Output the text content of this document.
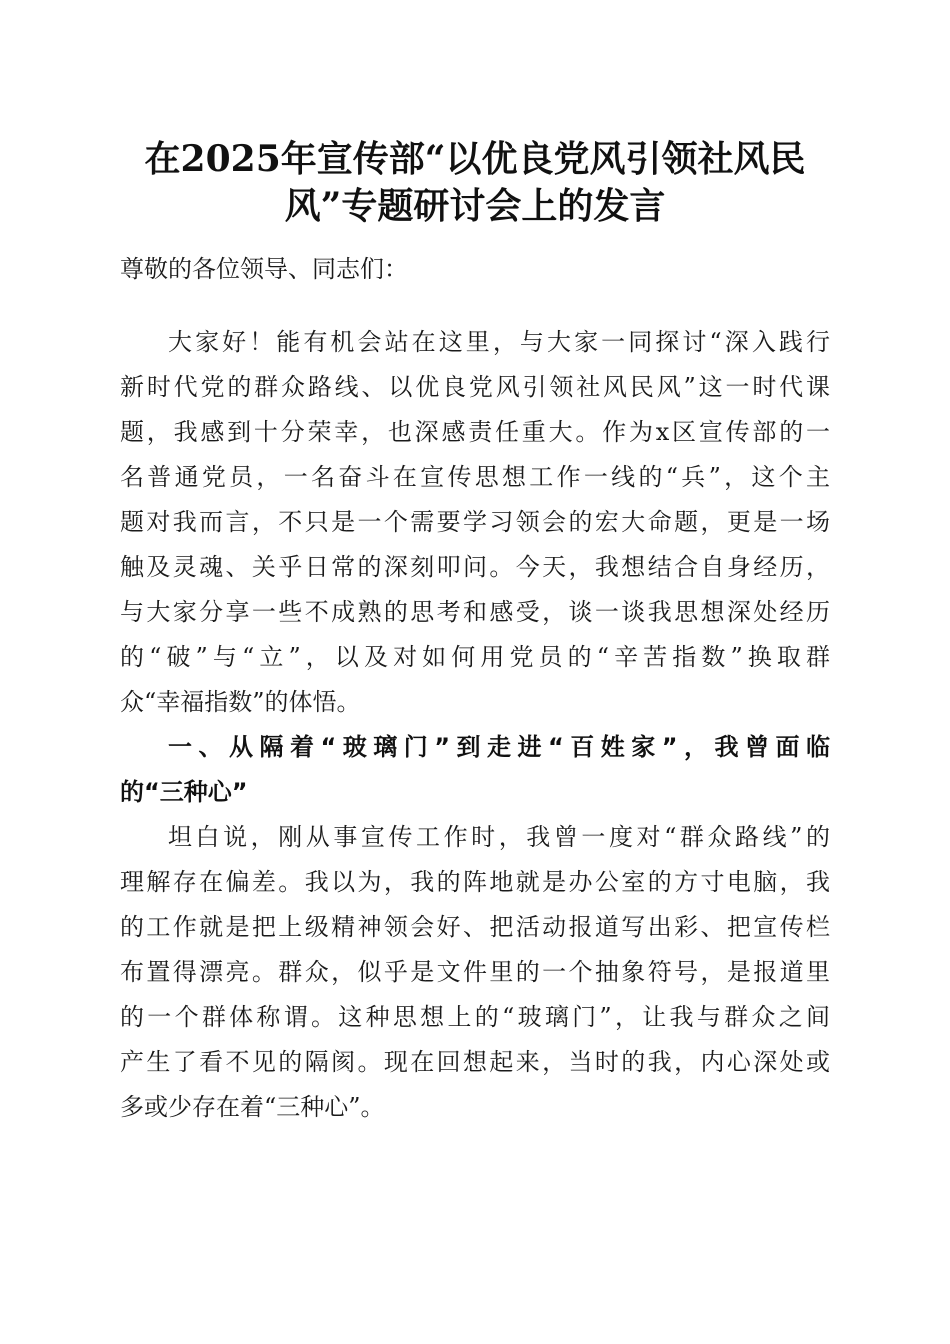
在2025年宣传部“以优良党风引领社风民
风”专题研讨会上的发言
尊敬的各位领导、同志们：
大家好！能有机会站在这里，与大家一同探讨“深入践行
新时代党的群众路线、以优良党风引领社风民风”这一时代课
题，我感到十分荣幸，也深感责任重大。作为x区宣传部的一
名普通党员，一名奋斗在宣传思想工作一线的“兵”，这个主
题对我而言，不只是一个需要学习领会的宏大命题，更是一场
触及灵魂、关乎日常的深刻叩问。今天，我想结合自身经历，
与大家分享一些不成熟的思考和感受，谈一谈我思想深处经历
的“破”与“立”，以及对如何用党员的“辛苦指数”换取群
众“幸福指数”的体悟。
一、从隔着“玻璃门”到走进“百姓家”，我曾面临
的“三种心”
坦白说，刚从事宣传工作时，我曾一度对“群众路线”的
理解存在偏差。我以为，我的阵地就是办公室的方寸电脑，我
的工作就是把上级精神领会好、把活动报道写出彩、把宣传栏
布置得漂亮。群众，似乎是文件里的一个抽象符号，是报道里
的一个群体称谓。这种思想上的“玻璃门”，让我与群众之间
产生了看不见的隔阂。现在回想起来，当时的我，内心深处或
多或少存在着“三种心”。
